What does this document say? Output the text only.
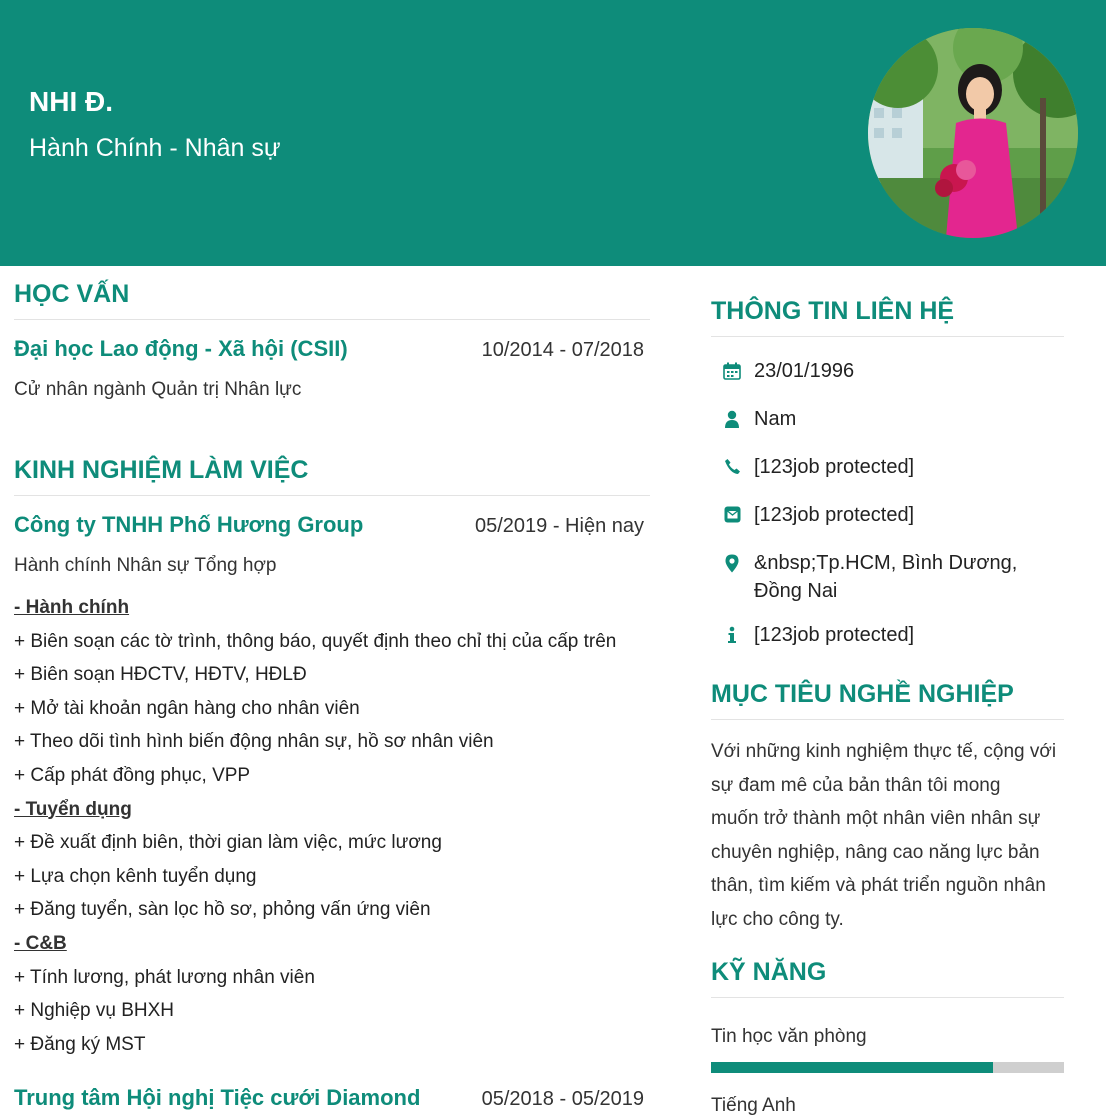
NHI Đ.
Hành Chính - Nhân sự
HỌC VẤN
Đại học Lao động - Xã hội (CSII)	10/2014 - 07/2018
Cử nhân ngành Quản trị Nhân lực
KINH NGHIỆM LÀM VIỆC
Công ty TNHH Phố Hương Group	05/2019 - Hiện nay
Hành chính Nhân sự Tổng hợp
- Hành chính
+ Biên soạn các tờ trình, thông báo, quyết định theo chỉ thị của cấp trên
+ Biên soạn HĐCTV, HĐTV, HĐLĐ
+ Mở tài khoản ngân hàng cho nhân viên
+ Theo dõi tình hình biến động nhân sự, hồ sơ nhân viên
+ Cấp phát đồng phục, VPP
- Tuyển dụng
+ Đề xuất định biên, thời gian làm việc, mức lương
+ Lựa chọn kênh tuyển dụng
+ Đăng tuyển, sàn lọc hồ sơ, phỏng vấn ứng viên
- C&B
+ Tính lương, phát lương nhân viên
+ Nghiệp vụ BHXH
+ Đăng ký MST
Trung tâm Hội nghị Tiệc cưới Diamond	05/2018 - 05/2019
THÔNG TIN LIÊN HỆ
23/01/1996
Nam
[123job protected]
[123job protected]
&nbsp;Tp.HCM, Bình Dương, Đồng Nai
[123job protected]
MỤC TIÊU NGHỀ NGHIỆP
Với những kinh nghiệm thực tế, cộng với
sự đam mê của bản thân tôi mong
muốn trở thành một nhân viên nhân sự
chuyên nghiệp, nâng cao năng lực bản
thân, tìm kiếm và phát triển nguồn nhân
lực cho công ty.
KỸ NĂNG
Tin học văn phòng
Tiếng Anh
